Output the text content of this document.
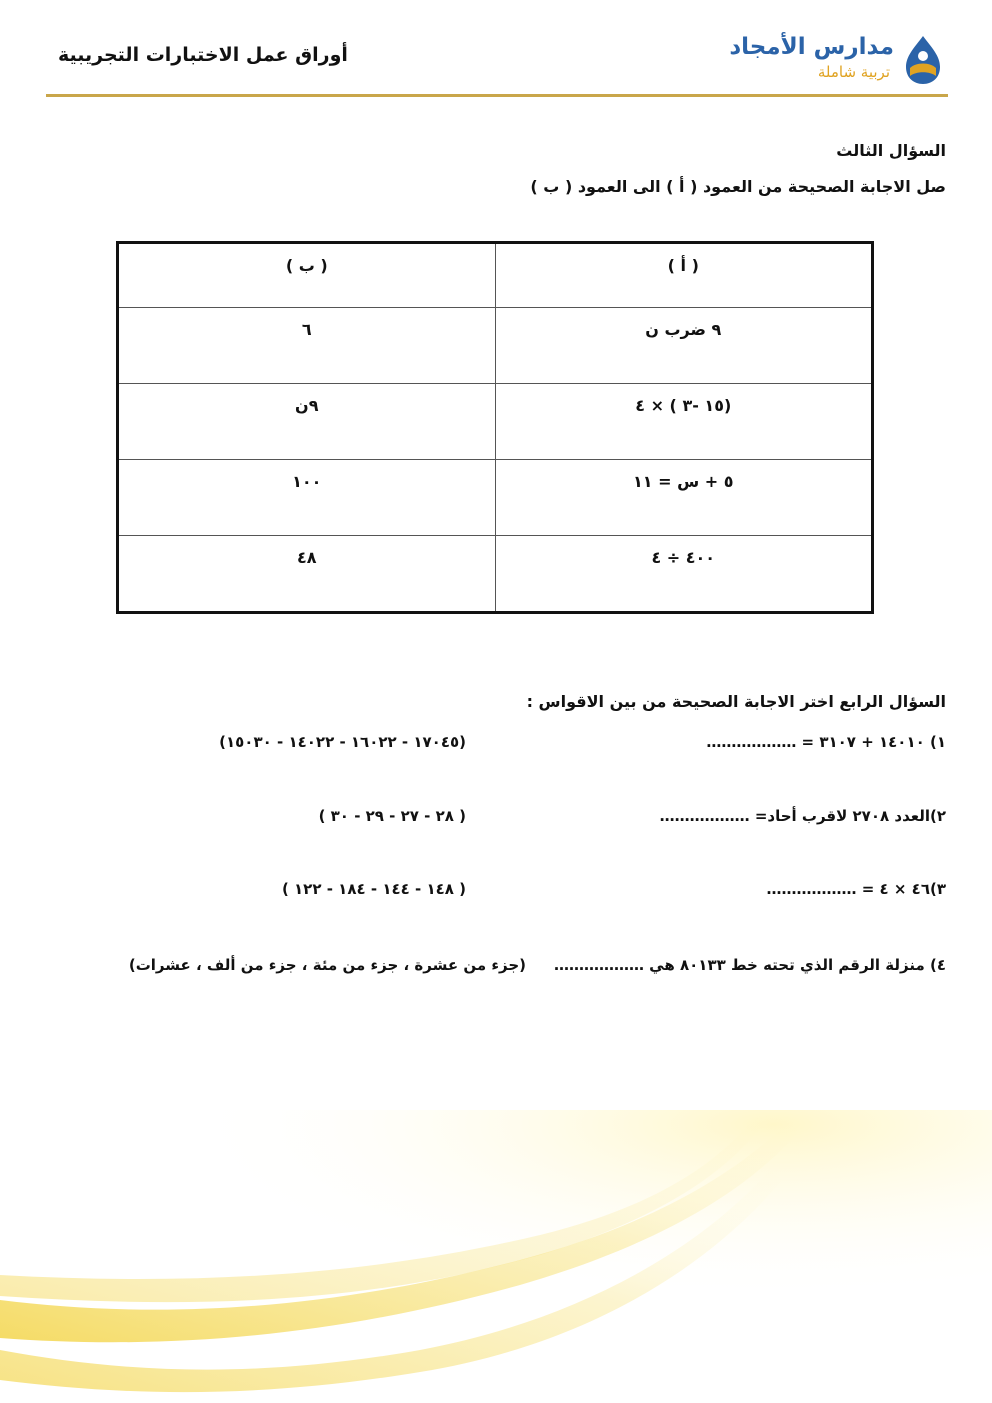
أوراق عمل الاختبارات التجريبية	مدارس الأمجاد
تربية شاملة
السؤال الثالث
صل الاجابة الصحيحة من العمود ( أ ) الى العمود ( ب )
( أ )	( ب )
٩ ضرب ن	٦
(١٥ -٣ ) × ٤	٩ن
٥ + س = ١١	١٠٠
٤٠٠ ÷ ٤	٤٨
السؤال الرابع اختر الاجابة الصحيحة من بين الاقواس :
١) ١٤٠١٠ + ٣١٠٧ = ………………
(١٧٠٤٥ - ١٦٠٢٢ - ١٤٠٢٢ - ١٥٠٣٠)
٢)العدد ٢٧٠٨ لاقرب أحاد= ………………
( ٢٨ - ٢٧ - ٢٩ - ٣٠ )
٣)٤٦ × ٤ = ………………
( ١٤٨ - ١٤٤ - ١٨٤ - ١٢٢ )
٤) منزلة الرقم الذي تحته خط ٨٠١٣٣ هي ………………
(جزء من عشرة ، جزء من مئة ، جزء من ألف ، عشرات)
